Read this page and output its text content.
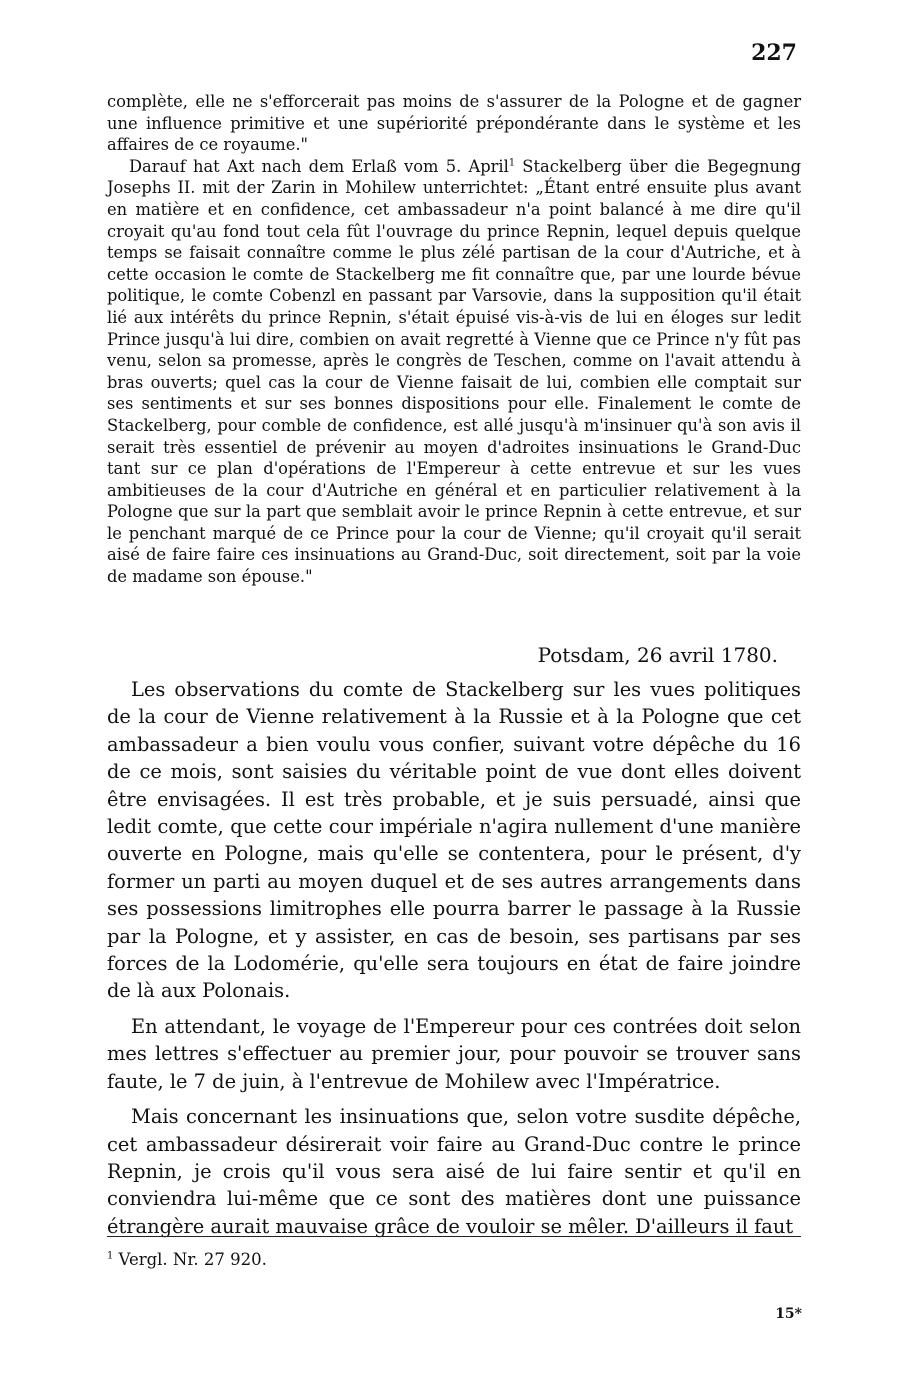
227

complète, elle ne s'efforcerait pas moins de s'assurer de la Pologne et de gagner une influence primitive et une supériorité prépondérante dans le système et les affaires de ce royaume."

Darauf hat Axt nach dem Erlaß vom 5. April$^1$ Stackelberg über die Begegnung Josephs II. mit der Zarin in Mohilew unterrichtet: „Étant entré ensuite plus avant en matière et en confidence, cet ambassadeur n'a point balancé à me dire qu'il croyait qu'au fond tout cela fût l'ouvrage du prince Repnin, lequel depuis quelque temps se faisait connaître comme le plus zélé partisan de la cour d'Autriche, et à cette occasion le comte de Stackelberg me fit connaître que, par une lourde bévue politique, le comte Cobenzl en passant par Varsovie, dans la supposition qu'il était lié aux intérêts du prince Repnin, s'était épuisé vis-à-vis de lui en éloges sur ledit Prince jusqu'à lui dire, combien on avait regretté à Vienne que ce Prince n'y fût pas venu, selon sa promesse, après le congrès de Teschen, comme on l'avait attendu à bras ouverts; quel cas la cour de Vienne faisait de lui, combien elle comptait sur ses sentiments et sur ses bonnes dispositions pour elle. Finalement le comte de Stackelberg, pour comble de confidence, est allé jusqu'à m'insinuer qu'à son avis il serait très essentiel de prévenir au moyen d'adroites insinuations le Grand-Duc tant sur ce plan d'opérations de l'Empereur à cette entrevue et sur les vues ambitieuses de la cour d'Autriche en général et en particulier relativement à la Pologne que sur la part que semblait avoir le prince Repnin à cette entrevue, et sur le penchant marqué de ce Prince pour la cour de Vienne; qu'il croyait qu'il serait aisé de faire faire ces insinuations au Grand-Duc, soit directement, soit par la voie de madame son épouse."

Potsdam, 26 avril 1780.

Les observations du comte de Stackelberg sur les vues politiques de la cour de Vienne relativement à la Russie et à la Pologne que cet ambassadeur a bien voulu vous confier, suivant votre dépêche du 16 de ce mois, sont saisies du véritable point de vue dont elles doivent être envisagées. Il est très probable, et je suis persuadé, ainsi que ledit comte, que cette cour impériale n'agira nullement d'une manière ouverte en Pologne, mais qu'elle se contentera, pour le présent, d'y former un parti au moyen duquel et de ses autres arrangements dans ses possessions limitrophes elle pourra barrer le passage à la Russie par la Pologne, et y assister, en cas de besoin, ses partisans par ses forces de la Lodomérie, qu'elle sera toujours en état de faire joindre de là aux Polonais.

En attendant, le voyage de l'Empereur pour ces contrées doit selon mes lettres s'effectuer au premier jour, pour pouvoir se trouver sans faute, le 7 de juin, à l'entrevue de Mohilew avec l'Impératrice.

Mais concernant les insinuations que, selon votre susdite dépêche, cet ambassadeur désirerait voir faire au Grand-Duc contre le prince Repnin, je crois qu'il vous sera aisé de lui faire sentir et qu'il en conviendra lui-même que ce sont des matières dont une puissance étrangère aurait mauvaise grâce de vouloir se mêler. D'ailleurs il faut

$^1$ Vergl. Nr. 27 920.
15*
